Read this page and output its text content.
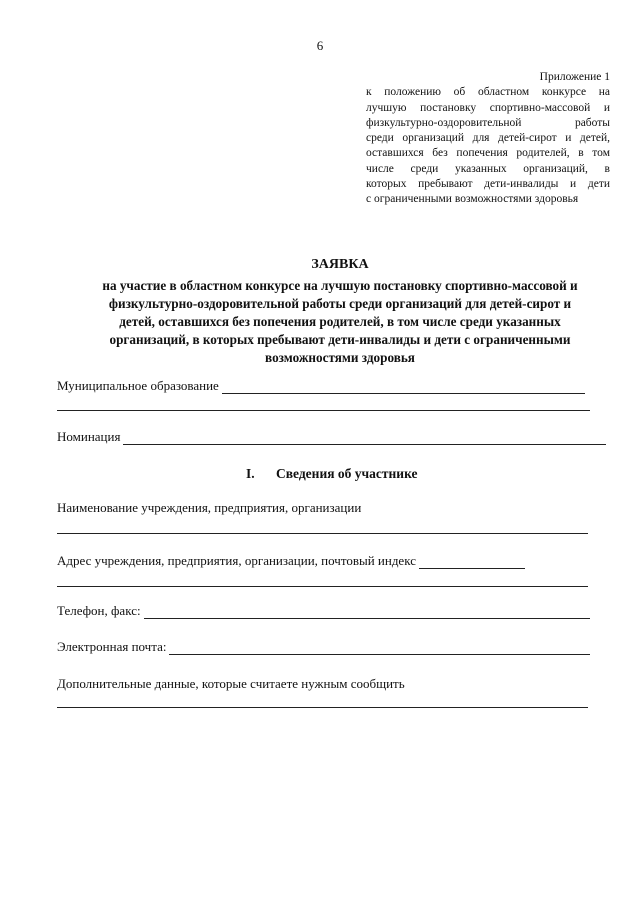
6
Приложение 1
к положению об областном конкурсе на
лучшую постановку спортивно-массовой и
физкультурно-оздоровительной работы
среди организаций для детей-сирот и детей,
оставшихся без попечения родителей, в том
числе среди указанных организаций, в
которых пребывают дети-инвалиды и дети
с ограниченными возможностями здоровья
ЗАЯВКА
на участие в областном конкурсе на лучшую постановку спортивно-массовой и
физкультурно-оздоровительной работы среди организаций для детей-сирот и
детей, оставшихся без попечения родителей, в том числе среди указанных
организаций, в которых пребывают дети-инвалиды и дети с ограниченными
возможностями здоровья
Муниципальное образование
Номинация
I. Сведения об участнике
Наименование учреждения, предприятия, организации
Адрес учреждения, предприятия, организации, почтовый индекс
Телефон, факс:
Электронная почта:
Дополнительные данные, которые считаете нужным сообщить
